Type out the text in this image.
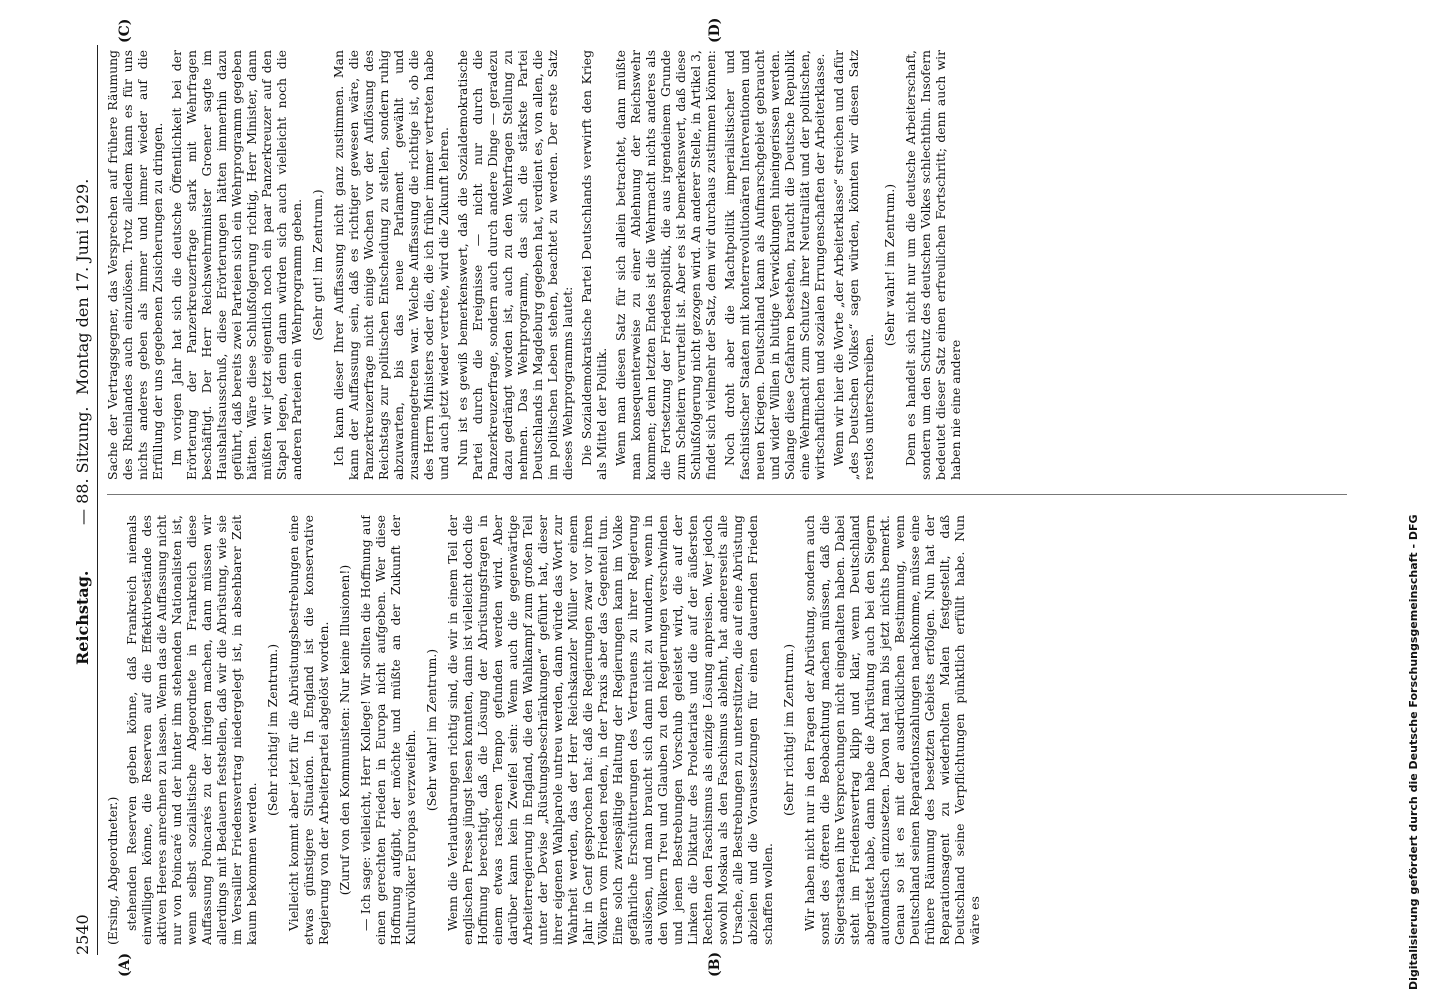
2540
Reichstag.
— 88. Sitzung.
Montag den 17. Juni 1929.
(A)	(B)
(C)	(D)

(Ersing, Abgeordneter.) stehenden Reserven geben könne, daß Frankreich niemals einwilligen könne, die Reserven auf die Effektivbestände des aktiven Heeres anrechnen zu lassen. Wenn das die Auffassung nicht nur von Poincaré und der hinter ihm stehenden Nationalisten ist, wenn selbst sozialistische Abgeordnete in Frankreich diese Auffassung Poincarés zu der ihrigen machen, dann müssen wir allerdings mit Bedauern feststellen, daß wir die Abrüstung, wie sie im Versailler Friedensvertrag niedergelegt ist, in absehbarer Zeit kaum bekommen werden.

(Sehr richtig! im Zentrum.) Vielleicht kommt aber jetzt für die Abrüstungsbestrebungen eine etwas günstigere Situation. In England ist die konservative Regierung von der Arbeiterpartei abgelöst worden. (Zuruf von den Kommunisten: Nur keine Illusionen!) — Ich sage: vielleicht, Herr Kollege! Wir sollten die Hoffnung auf einen gerechten Frieden in Europa nicht aufgeben. Wer diese Hoffnung aufgibt, der möchte und müßte an der Zukunft der Kulturvölker Europas verzweifeln. (Sehr wahr! im Zentrum.) Wenn die Verlautbarungen richtig sind, die wir in einem Teil der englischen Presse jüngst lesen konnten, dann ist vielleicht doch die Hoffnung berechtigt, daß die Lösung der Abrüstungsfragen in einem etwas rascheren Tempo gefunden werden wird. Aber darüber kann kein Zweifel sein: Wenn auch die gegenwärtige Arbeiterregierung in England, die den Wahlkampf zum großen Teil unter der Devise „Rüstungsbeschränkungen“ geführt hat, dieser ihrer eigenen Wahlparole untreu werden, dann würde das Wort zur Wahrheit werden, das der Herr Reichskanzler Müller vor einem Jahr in Genf gesprochen hat: daß die Regierungen zwar vor ihren Völkern vom Frieden reden, in der Praxis aber das Gegenteil tun. Eine solch zwiespältige Haltung der Regierungen kann im Volke gefährliche Erschütterungen des Vertrauens zu ihrer Regierung auslösen, und man braucht sich dann nicht zu wundern, wenn in den Völkern Treu und Glauben zu den Regierungen verschwinden und jenen Bestrebungen Vorschub geleistet wird, die auf der Linken die Diktatur des Proletariats und die auf der äußersten Rechten den Faschismus als einzige Lösung anpreisen. Wer jedoch sowohl Moskau als den Faschismus ablehnt, hat andererseits alle Ursache, alle Bestrebungen zu unterstützen, die auf eine Abrüstung abzielen und die Voraussetzungen für einen dauernden Frieden schaffen wollen.

(Sehr richtig! im Zentrum.) Wir haben nicht nur in den Fragen der Abrüstung, sondern auch sonst des öfteren die Beobachtung machen müssen, daß die Siegerstaaten ihre Versprechungen nicht eingehalten haben. Dabei steht im Friedensvertrag klipp und klar, wenn Deutschland abgerüstet habe, dann habe die Abrüstung auch bei den Siegern automatisch einzusetzen. Davon hat man bis jetzt nichts bemerkt. Genau so ist es mit der ausdrücklichen Bestimmung, wenn Deutschland seinen Reparationszahlungen nachkomme, müsse eine frühere Räumung des besetzten Gebiets erfolgen. Nun hat der Reparationsagent zu wiederholten Malen festgestellt, daß Deutschland seine Verpflichtungen pünktlich erfüllt habe. Nun wäre es

Sache der Vertragsgegner, das Versprechen auf frühere Räumung des Rheinlandes auch einzulösen. Trotz alledem kann es für uns nichts anderes geben als immer und immer wieder auf die Erfüllung der uns gegebenen Zusicherungen zu dringen. Im vorigen Jahr hat sich die deutsche Öffentlichkeit bei der Erörterung der Panzerkreuzerfrage stark mit Wehrfragen beschäftigt. Der Herr Reichswehrminister Groener sagte im Haushaltsausschuß, diese Erörterungen hätten immerhin dazu geführt, daß bereits zwei Parteien sich ein Wehrprogramm gegeben hätten. Wäre diese Schlußfolgerung richtig, Herr Minister, dann müßten wir jetzt eigentlich noch ein paar Panzerkreuzer auf den Stapel legen, denn dann würden sich auch vielleicht noch die anderen Parteien ein Wehrprogramm geben. (Sehr gut! im Zentrum.) Ich kann dieser Ihrer Auffassung nicht ganz zustimmen. Man kann der Auffassung sein, daß es richtiger gewesen wäre, die Panzerkreuzerfrage nicht einige Wochen vor der Auflösung des Reichstags zur politischen Entscheidung zu stellen, sondern ruhig abzuwarten, bis das neue Parlament gewählt und zusammengetreten war. Welche Auffassung die richtige ist, ob die des Herrn Ministers oder die, die ich früher immer vertreten habe und auch jetzt wieder vertrete, wird die Zukunft lehren. Nun ist es gewiß bemerkenswert, daß die Sozialdemokratische Partei durch die Ereignisse — nicht nur durch die Panzerkreuzerfrage, sondern auch durch andere Dinge — geradezu dazu gedrängt worden ist, auch zu den Wehrfragen Stellung zu nehmen. Das Wehrprogramm, das sich die stärkste Partei Deutschlands in Magdeburg gegeben hat, verdient es, von allen, die im politischen Leben stehen, beachtet zu werden. Der erste Satz dieses Wehrprogramms lautet: Die Sozialdemokratische Partei Deutschlands verwirft den Krieg als Mittel der Politik. Wenn man diesen Satz für sich allein betrachtet, dann müßte man konsequenterweise zu einer Ablehnung der Reichswehr kommen; denn letzten Endes ist die Wehrmacht nichts anderes als die Fortsetzung der Friedenspolitik, die aus irgendeinem Grunde zum Scheitern verurteilt ist. Aber es ist bemerkenswert, daß diese Schlußfolgerung nicht gezogen wird. An anderer Stelle, in Artikel 3, findet sich vielmehr der Satz, dem wir durchaus zustimmen können: Noch droht aber die Machtpolitik imperialistischer und faschistischer Staaten mit konterrevolutionären Interventionen und neuen Kriegen. Deutschland kann als Aufmarschgebiet gebraucht und wider Willen in blutige Verwicklungen hineingerissen werden. Solange diese Gefahren bestehen, braucht die Deutsche Republik eine Wehrmacht zum Schutze ihrer Neutralität und der politischen, wirtschaftlichen und sozialen Errungenschaften der Arbeiterklasse. Wenn wir hier die Worte „der Arbeiterklasse“ streichen und dafür „des Deutschen Volkes“ sagen würden, könnten wir diesen Satz restlos unterschreiben.

(Sehr wahr! im Zentrum.) Denn es handelt sich nicht nur um die deutsche Arbeiterschaft, sondern um den Schutz des deutschen Volkes schlechthin. Insofern bedeutet dieser Satz einen erfreulichen Fortschritt; denn auch wir haben nie eine andere

Digitalisierung gefördert durch die Deutsche Forschungsgemeinschaft - DFG
